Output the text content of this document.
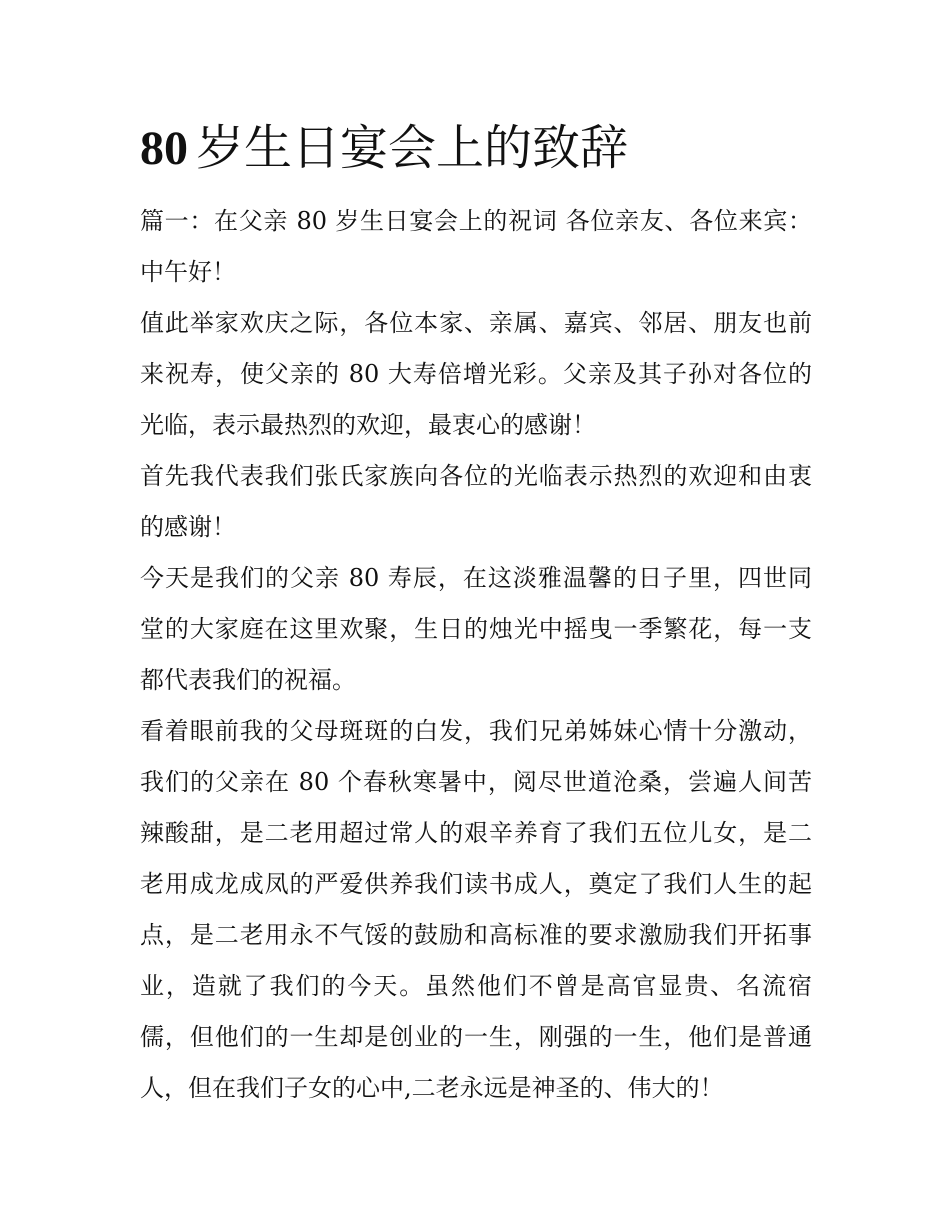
80 岁生日宴会上的致辞
篇一：在父亲 80 岁生日宴会上的祝词 各位亲友、各位来宾：
中午好！
值此举家欢庆之际，各位本家、亲属、嘉宾、邻居、朋友也前
来祝寿，使父亲的 80 大寿倍增光彩。父亲及其子孙对各位的
光临，表示最热烈的欢迎，最衷心的感谢！
首先我代表我们张氏家族向各位的光临表示热烈的欢迎和由衷
的感谢！
今天是我们的父亲 80 寿辰，在这淡雅温馨的日子里，四世同
堂的大家庭在这里欢聚，生日的烛光中摇曳一季繁花，每一支
都代表我们的祝福。
看着眼前我的父母斑斑的白发，我们兄弟姊妹心情十分激动，
我们的父亲在 80 个春秋寒暑中，阅尽世道沧桑，尝遍人间苦
辣酸甜，是二老用超过常人的艰辛养育了我们五位儿女，是二
老用成龙成凤的严爱供养我们读书成人，奠定了我们人生的起
点，是二老用永不气馁的鼓励和高标准的要求激励我们开拓事
业，造就了我们的今天。虽然他们不曾是高官显贵、名流宿
儒，但他们的一生却是创业的一生，刚强的一生，他们是普通
人，但在我们子女的心中,二老永远是神圣的、伟大的！
